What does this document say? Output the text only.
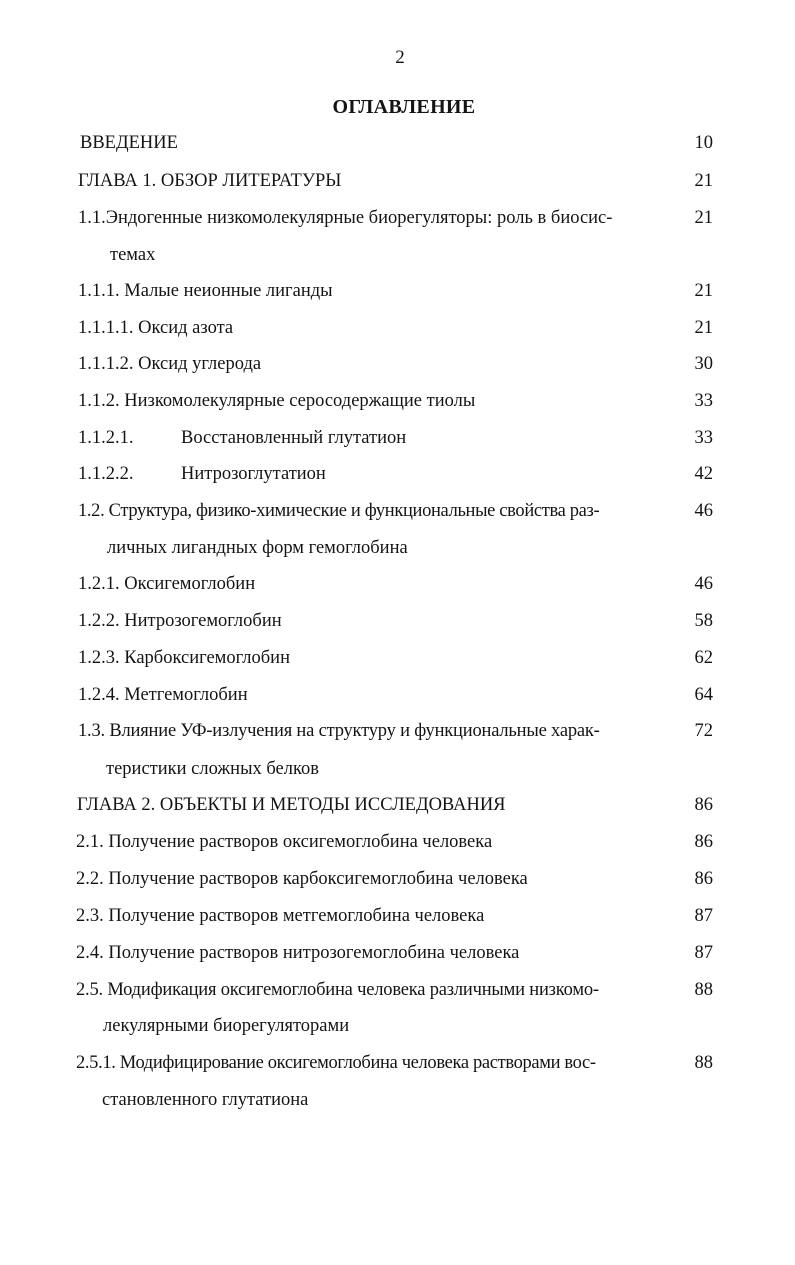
2
ОГЛАВЛЕНИЕ
ВВЕДЕНИЕ	10
ГЛАВА 1. ОБЗОР ЛИТЕРАТУРЫ	21
1.1.Эндогенные низкомолекулярные биорегуляторы: роль в биосис-	21
темах
1.1.1. Малые неионные лиганды	21
1.1.1.1. Оксид азота	21
1.1.1.2. Оксид углерода	30
1.1.2. Низкомолекулярные серосодержащие тиолы	33
1.1.2.1.	Восстановленный глутатион	33
1.1.2.2.	Нитрозоглутатион	42
1.2. Структура, физико-химические и функциональные свойства раз-	46
личных лигандных форм гемоглобина
1.2.1. Оксигемоглобин	46
1.2.2. Нитрозогемоглобин	58
1.2.3. Карбоксигемоглобин	62
1.2.4. Метгемоглобин	64
1.3. Влияние УФ-излучения на структуру и функциональные харак-	72
теристики сложных белков
ГЛАВА 2. ОБЪЕКТЫ И МЕТОДЫ ИССЛЕДОВАНИЯ	86
2.1. Получение растворов оксигемоглобина человека	86
2.2. Получение растворов карбоксигемоглобина человека	86
2.3. Получение растворов метгемоглобина человека	87
2.4. Получение растворов нитрозогемоглобина человека	87
2.5. Модификация оксигемоглобина человека различными низкомо-	88
лекулярными биорегуляторами
2.5.1. Модифицирование оксигемоглобина человека растворами вос-	88
становленного глутатиона
